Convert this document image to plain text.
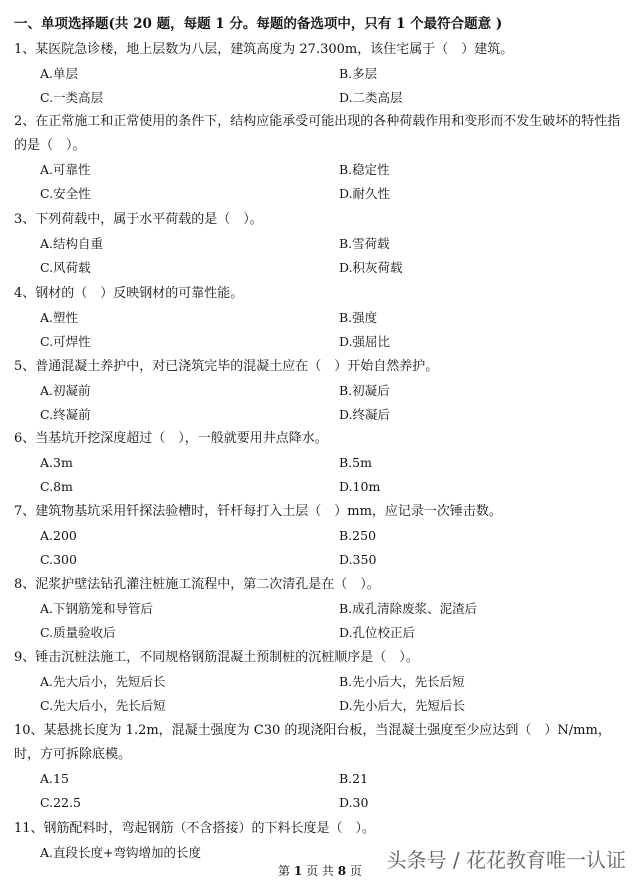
一、单项选择题(共 20 题，每题 1 分。每题的备选项中，只有 1 个最符合题意 )
1、某医院急诊楼，地上层数为八层，建筑高度为 27.300m，该住宅属于（　）建筑。
A.单层	B.多层
C.一类高层	D.二类高层
2、在正常施工和正常使用的条件下，结构应能承受可能出现的各种荷载作用和变形而不发生破坏的特性指的是（　）。
A.可靠性	B.稳定性
C.安全性	D.耐久性
3、下列荷载中，属于水平荷载的是（　）。
A.结构自重	B.雪荷载
C.风荷载	D.积灰荷载
4、钢材的（　）反映钢材的可靠性能。
A.塑性	B.强度
C.可焊性	D.强屈比
5、普通混凝土养护中，对已浇筑完毕的混凝土应在（　）开始自然养护。
A.初凝前	B.初凝后
C.终凝前	D.终凝后
6、当基坑开挖深度超过（　），一般就要用井点降水。
A.3m	B.5m
C.8m	D.10m
7、建筑物基坑采用钎探法验槽时，钎杆每打入土层（　）mm，应记录一次锤击数。
A.200	B.250
C.300	D.350
8、泥浆护壁法钻孔灌注桩施工流程中，第二次清孔是在（　）。
A.下钢筋笼和导管后	B.成孔清除废浆、泥渣后
C.质量验收后	D.孔位校正后
9、锤击沉桩法施工，不同规格钢筋混凝土预制桩的沉桩顺序是（　）。
A.先大后小，先短后长	B.先小后大，先长后短
C.先大后小，先长后短	D.先小后大，先短后长
10、某悬挑长度为 1.2m，混凝土强度为 C30 的现浇阳台板，当混凝土强度至少应达到（　）N/mm，时，方可拆除底模。
A.15	B.21
C.22.5	D.30
11、钢筋配料时，弯起钢筋（不含搭接）的下料长度是（　）。
A.直段长度+弯钩增加的长度	头条号 / 花花教育唯一认证
第 1 页 共 8 页
